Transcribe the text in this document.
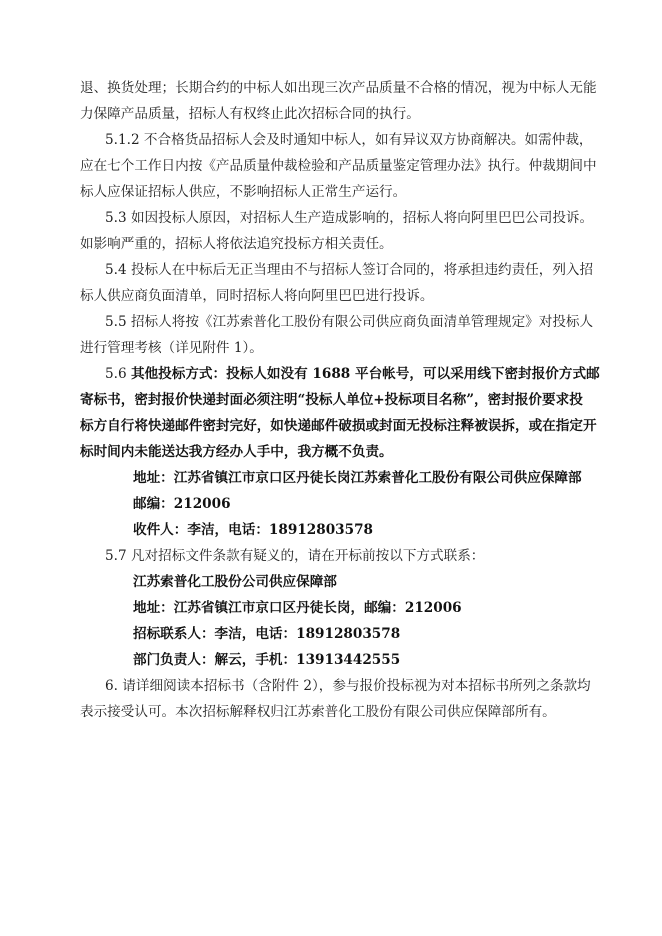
退、换货处理；长期合约的中标人如出现三次产品质量不合格的情况，视为中标人无能
力保障产品质量，招标人有权终止此次招标合同的执行。
5.1.2 不合格货品招标人会及时通知中标人，如有异议双方协商解决。如需仲裁，
应在七个工作日内按《产品质量仲裁检验和产品质量鉴定管理办法》执行。仲裁期间中
标人应保证招标人供应，不影响招标人正常生产运行。
5.3 如因投标人原因，对招标人生产造成影响的，招标人将向阿里巴巴公司投诉。
如影响严重的，招标人将依法追究投标方相关责任。
5.4 投标人在中标后无正当理由不与招标人签订合同的，将承担违约责任，列入招
标人供应商负面清单，同时招标人将向阿里巴巴进行投诉。
5.5 招标人将按《江苏索普化工股份有限公司供应商负面清单管理规定》对投标人
进行管理考核（详见附件 1）。
5.6 其他投标方式：投标人如没有 1688 平台帐号，可以采用线下密封报价方式邮
寄标书，密封报价快递封面必须注明“投标人单位+投标项目名称”，密封报价要求投
标方自行将快递邮件密封完好，如快递邮件破损或封面无投标注释被误拆，或在指定开
标时间内未能送达我方经办人手中，我方概不负责。
地址：江苏省镇江市京口区丹徒长岗江苏索普化工股份有限公司供应保障部
邮编：212006
收件人：李洁，电话：18912803578
5.7 凡对招标文件条款有疑义的，请在开标前按以下方式联系：
江苏索普化工股份公司供应保障部
地址：江苏省镇江市京口区丹徒长岗，邮编：212006
招标联系人：李洁，电话：18912803578
部门负责人：解云，手机：13913442555
6. 请详细阅读本招标书（含附件 2），参与报价投标视为对本招标书所列之条款均
表示接受认可。本次招标解释权归江苏索普化工股份有限公司供应保障部所有。
